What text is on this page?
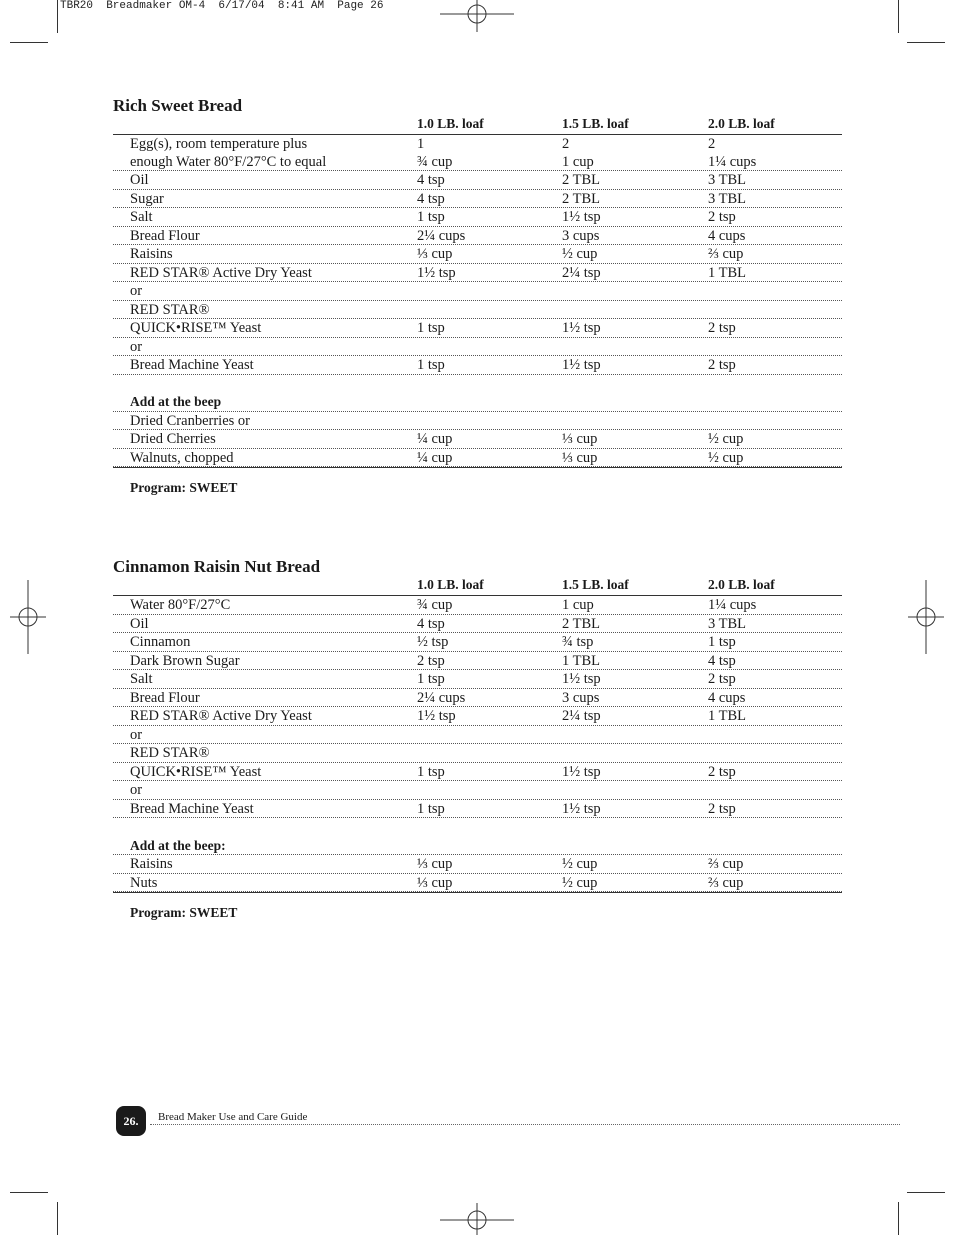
TBR20  Breadmaker OM-4  6/17/04  8:41 AM  Page 26
Rich Sweet Bread
1.0 LB. loaf	1.5 LB. loaf	2.0 LB. loaf
Egg(s), room temperature plus	1	2	2
enough Water 80°F/27°C to equal	¾ cup	1 cup	1¼ cups
Oil	4 tsp	2 TBL	3 TBL
Sugar	4 tsp	2 TBL	3 TBL
Salt	1 tsp	1½ tsp	2 tsp
Bread Flour	2¼ cups	3 cups	4 cups
Raisins	⅓ cup	½ cup	⅔ cup
RED STAR® Active Dry Yeast	1½ tsp	2¼ tsp	1 TBL
or
RED STAR®
QUICK•RISE™ Yeast	1 tsp	1½ tsp	2 tsp
or
Bread Machine Yeast	1 tsp	1½ tsp	2 tsp
Add at the beep
Dried Cranberries or
Dried Cherries	¼ cup	⅓ cup	½ cup
Walnuts, chopped	¼ cup	⅓ cup	½ cup
Program: SWEET
Cinnamon Raisin Nut Bread
1.0 LB. loaf	1.5 LB. loaf	2.0 LB. loaf
Water 80°F/27°C	¾ cup	1 cup	1¼ cups
Oil	4 tsp	2 TBL	3 TBL
Cinnamon	½ tsp	¾ tsp	1 tsp
Dark Brown Sugar	2 tsp	1 TBL	4 tsp
Salt	1 tsp	1½ tsp	2 tsp
Bread Flour	2¼ cups	3 cups	4 cups
RED STAR® Active Dry Yeast	1½ tsp	2¼ tsp	1 TBL
or
RED STAR®
QUICK•RISE™ Yeast	1 tsp	1½ tsp	2 tsp
or
Bread Machine Yeast	1 tsp	1½ tsp	2 tsp
Add at the beep:
Raisins	⅓ cup	½ cup	⅔ cup
Nuts	⅓ cup	½ cup	⅔ cup
Program: SWEET
26.	Bread Maker Use and Care Guide
